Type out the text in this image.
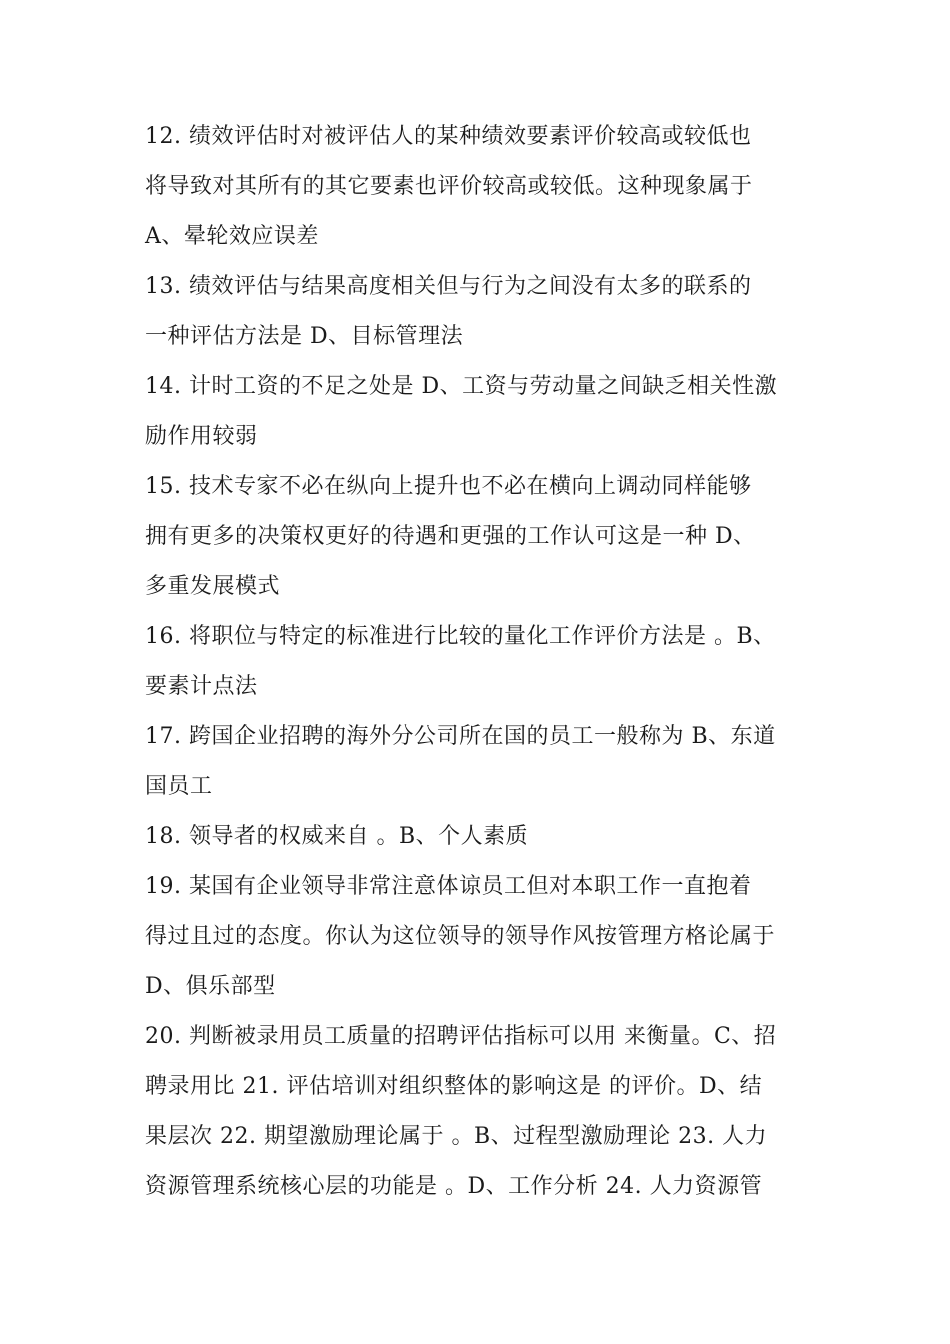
12. 绩效评估时对被评估人的某种绩效要素评价较高或较低也
将导致对其所有的其它要素也评价较高或较低。这种现象属于
A、晕轮效应误差
13. 绩效评估与结果高度相关但与行为之间没有太多的联系的
一种评估方法是 D、目标管理法
14. 计时工资的不足之处是 D、工资与劳动量之间缺乏相关性激
励作用较弱
15. 技术专家不必在纵向上提升也不必在横向上调动同样能够
拥有更多的决策权更好的待遇和更强的工作认可这是一种 D、
多重发展模式
16. 将职位与特定的标准进行比较的量化工作评价方法是 。B、
要素计点法
17. 跨国企业招聘的海外分公司所在国的员工一般称为 B、东道
国员工
18. 领导者的权威来自 。B、个人素质
19. 某国有企业领导非常注意体谅员工但对本职工作一直抱着
得过且过的态度。你认为这位领导的领导作风按管理方格论属于
D、俱乐部型
20. 判断被录用员工质量的招聘评估指标可以用 来衡量。C、招
聘录用比 21. 评估培训对组织整体的影响这是 的评价。D、结
果层次 22. 期望激励理论属于 。B、过程型激励理论 23. 人力
资源管理系统核心层的功能是 。D、工作分析 24. 人力资源管
